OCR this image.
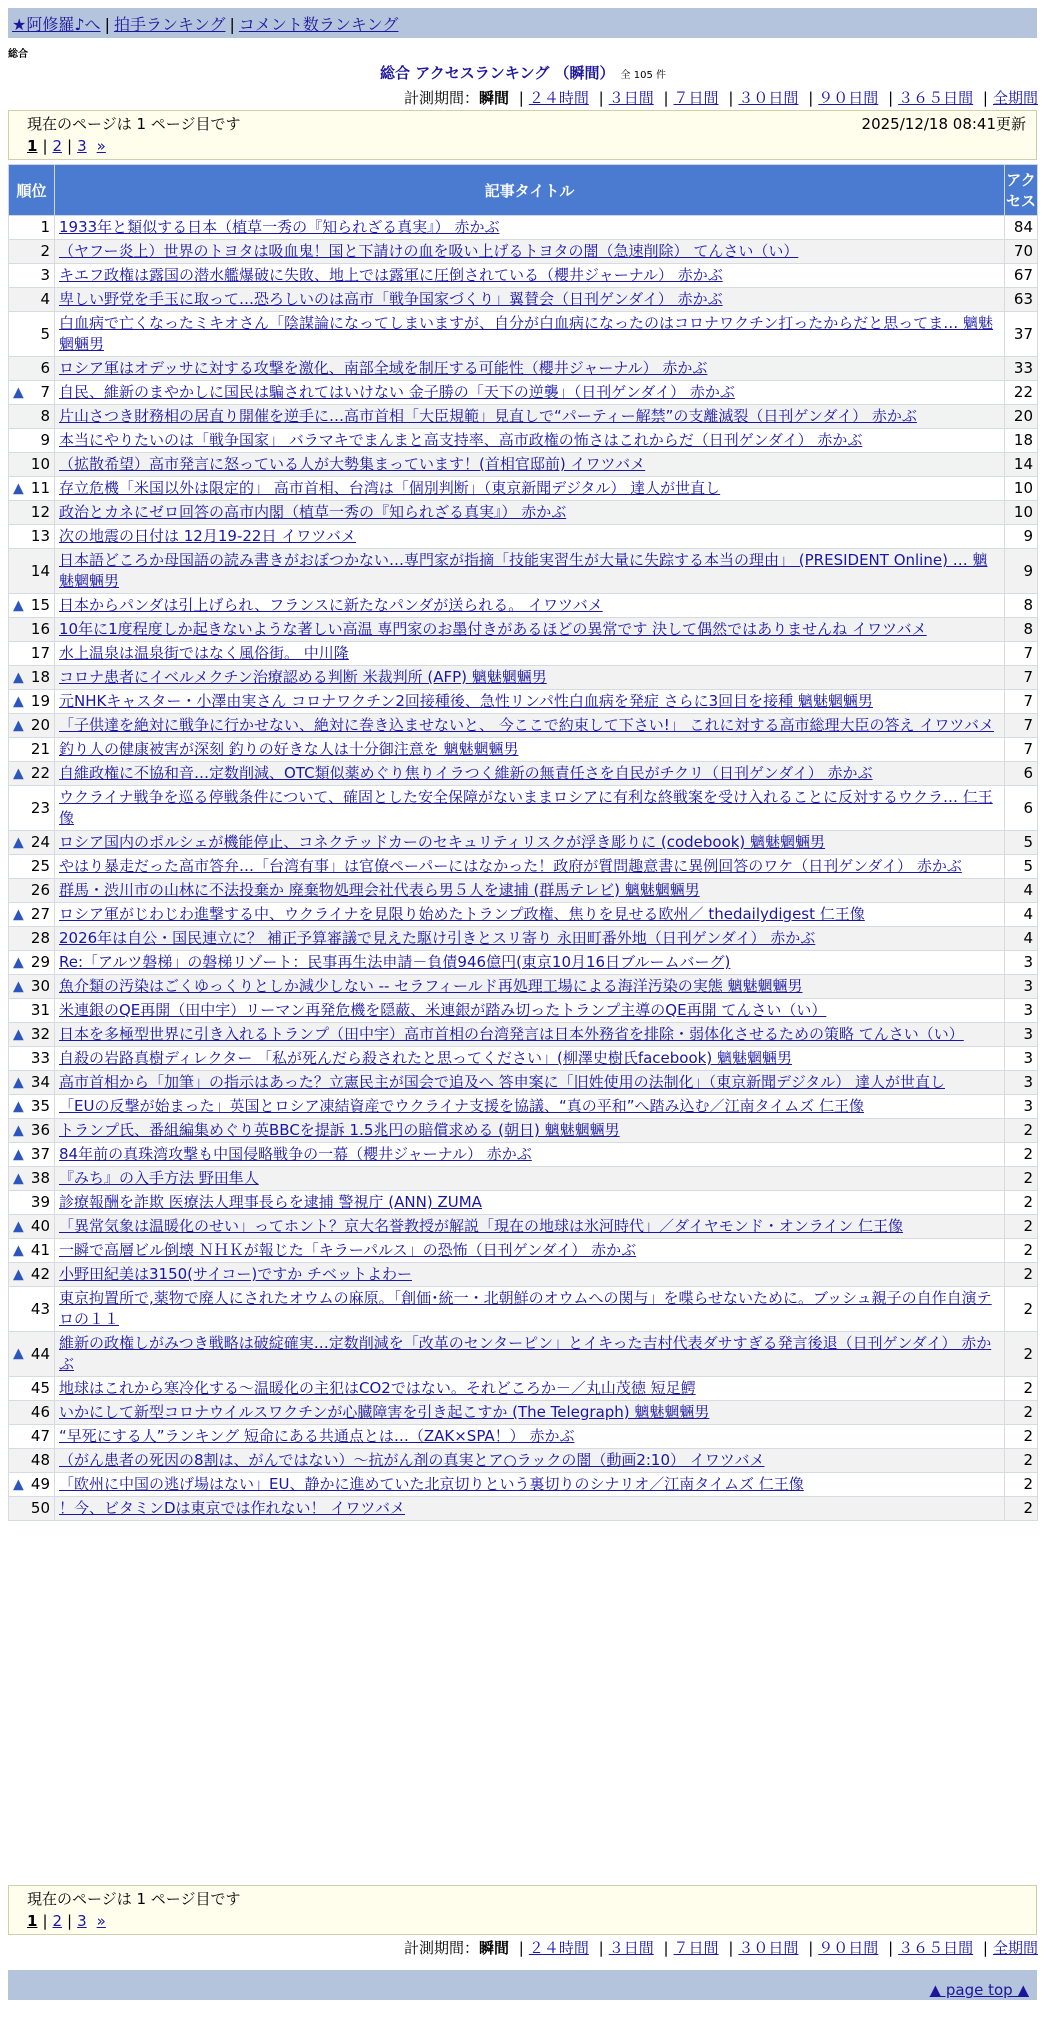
★阿修羅♪へ | 拍手ランキング | コメント数ランキング
総合
総合 アクセスランキング （瞬間） 全 105 件
計測期間：瞬間 | ２４時間 | ３日間 | ７日間 | ３０日間 | ９０日間 | ３６５日間 | 全期間
現在のページは 1 ページ目です	2025/12/18 08:41更新
1 | 2 | 3 »
順位	記事タイトル	アクセス
1	1933年と類似する日本（植草一秀の『知られざる真実』） 赤かぶ	84
2	（ヤフー炎上）世界のトヨタは吸血鬼！国と下請けの血を吸い上げるトヨタの闇（急速削除） てんさい（い）	70
3	キエフ政権は露国の潜水艦爆破に失敗、地上では露軍に圧倒されている（櫻井ジャーナル） 赤かぶ	67
4	卑しい野党を手玉に取って…恐ろしいのは高市「戦争国家づくり」翼賛会（日刊ゲンダイ） 赤かぶ	63
5	白血病で亡くなったミキオさん「陰謀論になってしまいますが、自分が白血病になったのはコロナワクチン打ったからだと思ってま… 魑魅魍魎男	37
6	ロシア軍はオデッサに対する攻撃を激化、南部全域を制圧する可能性（櫻井ジャーナル） 赤かぶ	33

▲ 7	自民、維新のまやかしに国民は騙されてはいけない 金子勝の「天下の逆襲」（日刊ゲンダイ） 赤かぶ	22
8	片山さつき財務相の居直り開催を逆手に…高市首相「大臣規範」見直しで“パーティー解禁”の支離滅裂（日刊ゲンダイ） 赤かぶ	20
9	本当にやりたいのは「戦争国家」 バラマキでまんまと高支持率、高市政権の怖さはこれからだ（日刊ゲンダイ） 赤かぶ	18
10	（拡散希望）高市発言に怒っている人が大勢集まっています！(首相官邸前) イワツバメ	14

▲ 11	存立危機「米国以外は限定的」 高市首相、台湾は「個別判断」（東京新聞デジタル） 達人が世直し	10
12	政治とカネにゼロ回答の高市内閣（植草一秀の『知られざる真実』） 赤かぶ	10
13	次の地震の日付は 12月19-22日 イワツバメ	9
14	日本語どころか母国語の読み書きがおぼつかない…専門家が指摘「技能実習生が大量に失踪する本当の理由」 (PRESIDENT Online) … 魑魅魍魎男	9

▲ 15	日本からパンダは引上げられ、フランスに新たなパンダが送られる。 イワツバメ	8
16	10年に1度程度しか起きないような著しい高温 専門家のお墨付きがあるほどの異常です 決して偶然ではありませんね イワツバメ	8
17	水上温泉は温泉街ではなく風俗街。 中川隆	7

▲ 18	コロナ患者にイベルメクチン治療認める判断 米裁判所 (AFP) 魑魅魍魎男	7

▲ 19	元NHKキャスター・小澤由実さん コロナワクチン2回接種後、急性リンパ性白血病を発症 さらに3回目を接種 魑魅魍魎男	7

▲ 20	「子供達を絶対に戦争に行かせない、絶対に巻き込ませないと、 今ここで約束して下さい!」 これに対する高市総理大臣の答え イワツバメ	7
21	釣り人の健康被害が深刻 釣りの好きな人は十分御注意を 魑魅魍魎男	7

▲ 22	自維政権に不協和音…定数削減、OTC類似薬めぐり焦りイラつく維新の無責任さを自民がチクリ（日刊ゲンダイ） 赤かぶ	6
23	ウクライナ戦争を巡る停戦条件について、確固とした安全保障がないままロシアに有利な終戦案を受け入れることに反対するウクラ… 仁王像	6

▲ 24	ロシア国内のポルシェが機能停止、コネクテッドカーのセキュリティリスクが浮き彫りに (codebook) 魑魅魍魎男	5
25	やはり暴走だった高市答弁…「台湾有事」は官僚ペーパーにはなかった！政府が質問趣意書に異例回答のワケ（日刊ゲンダイ） 赤かぶ	5
26	群馬・渋川市の山林に不法投棄か 廃棄物処理会社代表ら男５人を逮捕 (群馬テレビ) 魑魅魍魎男	4

▲ 27	ロシア軍がじわじわ進撃する中、ウクライナを見限り始めたトランプ政権、焦りを見せる欧州／ thedailydigest 仁王像	4
28	2026年は自公・国民連立に？ 補正予算審議で見えた駆け引きとスリ寄り 永田町番外地（日刊ゲンダイ） 赤かぶ	4

▲ 29	Re:「アルツ磐梯」の磐梯リゾート：民事再生法申請－負債946億円(東京10月16日ブルームバーグ)	3

▲ 30	魚介類の汚染はごくゆっくりとしか減少しない -- セラフィールド再処理工場による海洋汚染の実態 魑魅魍魎男	3
31	米連銀のQE再開（田中宇）リーマン再発危機を隠蔽、米連銀が踏み切ったトランプ主導のQE再開 てんさい（い）	3

▲ 32	日本を多極型世界に引き入れるトランプ（田中宇）高市首相の台湾発言は日本外務省を排除・弱体化させるための策略 てんさい（い）	3
33	自殺の岩路真樹ディレクター 「私が死んだら殺されたと思ってください」(柳澤史樹氏facebook) 魑魅魍魎男	3

▲ 34	高市首相から「加筆」の指示はあった？立憲民主が国会で追及へ 答申案に「旧姓使用の法制化」（東京新聞デジタル） 達人が世直し	3

▲ 35	「EUの反撃が始まった」英国とロシア凍結資産でウクライナ支援を協議、“真の平和”へ踏み込む／江南タイムズ 仁王像	3

▲ 36	トランプ氏、番組編集めぐり英BBCを提訴 1.5兆円の賠償求める (朝日) 魑魅魍魎男	2

▲ 37	84年前の真珠湾攻撃も中国侵略戦争の一幕（櫻井ジャーナル） 赤かぶ	2

▲ 38	『みち』の入手方法 野田隼人	2
39	診療報酬を詐欺 医療法人理事長らを逮捕 警視庁 (ANN) ZUMA	2

▲ 40	「異常気象は温暖化のせい」ってホント？京大名誉教授が解説「現在の地球は氷河時代」／ダイヤモンド・オンライン 仁王像	2

▲ 41	一瞬で高層ビル倒壊 ＮＨＫが報じた「キラーパルス」の恐怖（日刊ゲンダイ） 赤かぶ	2

▲ 42	小野田紀美は3150(サイコー)ですか チベットよわー	2
43	東京拘置所で,薬物で廃人にされたオウムの麻原。「創価･統一・北朝鮮のオウムへの関与」を喋らせないために。ブッシュ親子の自作自演テロの１１	2

▲ 44	維新の政権しがみつき戦略は破綻確実…定数削減を「改革のセンターピン」とイキった吉村代表ダサすぎる発言後退（日刊ゲンダイ） 赤かぶ	2
45	地球はこれから寒冷化する～温暖化の主犯はCO2ではない。それどころか－／丸山茂徳 短足鰐	2
46	いかにして新型コロナウイルスワクチンが心臓障害を引き起こすか (The Telegraph) 魑魅魍魎男	2
47	“早死にする人”ランキング 短命にある共通点とは…（ZAK×SPA！） 赤かぶ	2
48	（がん患者の死因の8割は、がんではない）～抗がん剤の真実とア○ラックの闇（動画2:10） イワツバメ	2

▲ 49	「欧州に中国の逃げ場はない」EU、静かに進めていた北京切りという裏切りのシナリオ／江南タイムズ 仁王像	2
50	！今、ビタミンDは東京では作れない！ イワツバメ	2
現在のページは 1 ページ目です
1 | 2 | 3 »
計測期間：瞬間 | ２４時間 | ３日間 | ７日間 | ３０日間 | ９０日間 | ３６５日間 | 全期間
▲ page top ▲
